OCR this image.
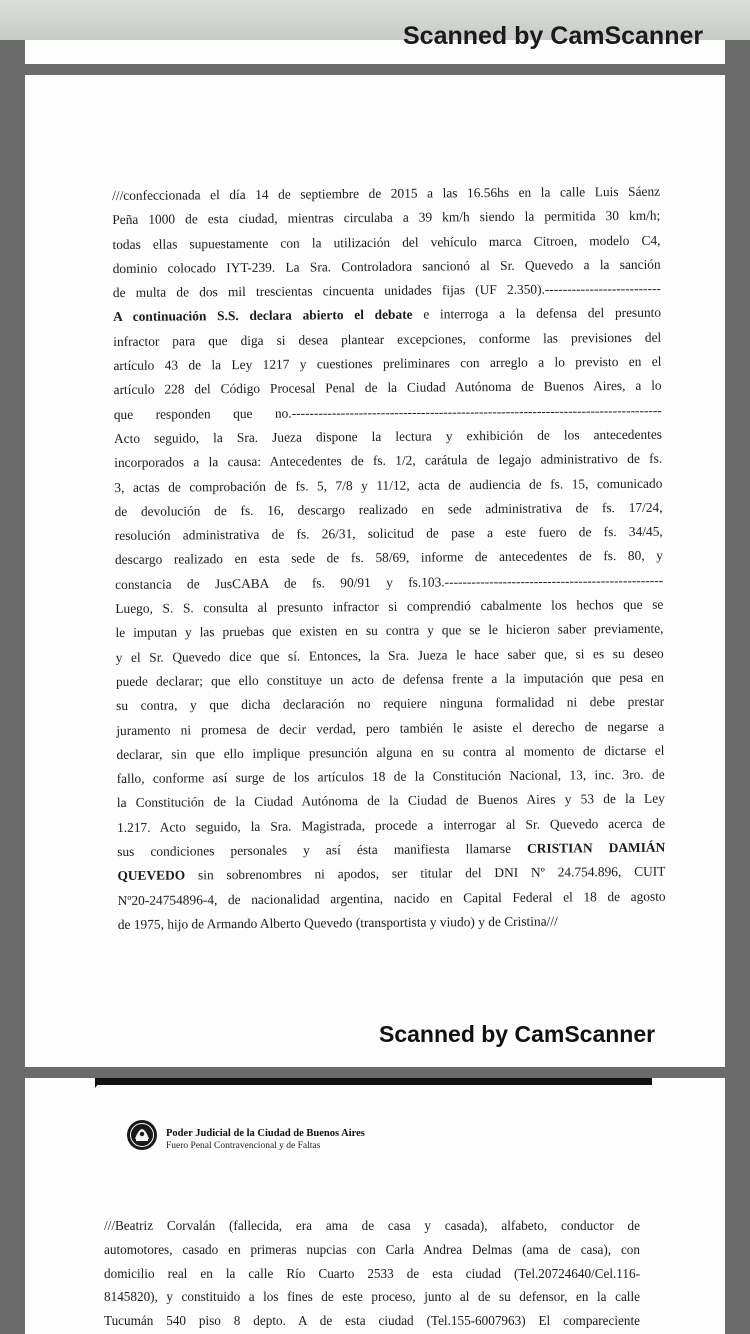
Scanned by CamScanner
///confeccionada el día 14 de septiembre de 2015 a las 16.56hs en la calle Luis Sáenz
Peña 1000 de esta ciudad, mientras circulaba a 39 km/h siendo la permitida 30 km/h;
todas ellas supuestamente con la utilización del vehículo marca Citroen, modelo C4,
dominio colocado IYT-239. La Sra. Controladora sancionó al Sr. Quevedo a la sanción
de multa de dos mil trescientas cincuenta unidades fijas (UF 2.350).--------------------------
A continuación S.S. declara abierto el debate e interroga a la defensa del presunto
infractor para que diga si desea plantear excepciones, conforme las previsiones del
artículo 43 de la Ley 1217 y cuestiones preliminares con arreglo a lo previsto en el
artículo 228 del Código Procesal Penal de la Ciudad Autónoma de Buenos Aires, a lo
que responden que no.-----------------------------------------------------------------------------------
Acto seguido, la Sra. Jueza dispone la lectura y exhibición de los antecedentes
incorporados a la causa: Antecedentes de fs. 1/2, carátula de legajo administrativo de fs.
3, actas de comprobación de fs. 5, 7/8 y 11/12, acta de audiencia de fs. 15, comunicado
de devolución de fs. 16, descargo realizado en sede administrativa de fs. 17/24,
resolución administrativa de fs. 26/31, solicitud de pase a este fuero de fs. 34/45,
descargo realizado en esta sede de fs. 58/69, informe de antecedentes de fs. 80, y
constancia de JusCABA de fs. 90/91 y fs.103.-------------------------------------------------
Luego, S. S. consulta al presunto infractor si comprendió cabalmente los hechos que se
le imputan y las pruebas que existen en su contra y que se le hicieron saber previamente,
y el Sr. Quevedo dice que sí. Entonces, la Sra. Jueza le hace saber que, si es su deseo
puede declarar; que ello constituye un acto de defensa frente a la imputación que pesa en
su contra, y que dicha declaración no requiere ninguna formalidad ni debe prestar
juramento ni promesa de decir verdad, pero también le asiste el derecho de negarse a
declarar, sin que ello implique presunción alguna en su contra al momento de dictarse el
fallo, conforme así surge de los artículos 18 de la Constitución Nacional, 13, inc. 3ro. de
la Constitución de la Ciudad Autónoma de la Ciudad de Buenos Aires y 53 de la Ley
1.217. Acto seguido, la Sra. Magistrada, procede a interrogar al Sr. Quevedo acerca de
sus condiciones personales y así ésta manifiesta llamarse CRISTIAN DAMIÁN
QUEVEDO sin sobrenombres ni apodos, ser titular del DNI Nº 24.754.896, CUIT
Nº20-24754896-4, de nacionalidad argentina, nacido en Capital Federal el 18 de agosto
de 1975, hijo de Armando Alberto Quevedo (transportista y viudo) y de Cristina///
Scanned by CamScanner
Poder Judicial de la Ciudad de Buenos Aires
Fuero Penal Contravencional y de Faltas
///Beatriz Corvalán (fallecida, era ama de casa y casada), alfabeto, conductor de
automotores, casado en primeras nupcias con Carla Andrea Delmas (ama de casa), con
domicilio real en la calle Río Cuarto 2533 de esta ciudad (Tel.20724640/Cel.116-
8145820), y constituido a los fines de este proceso, junto al de su defensor, en la calle
Tucumán 540 piso 8 depto. A de esta ciudad (Tel.155-6007963) El compareciente
